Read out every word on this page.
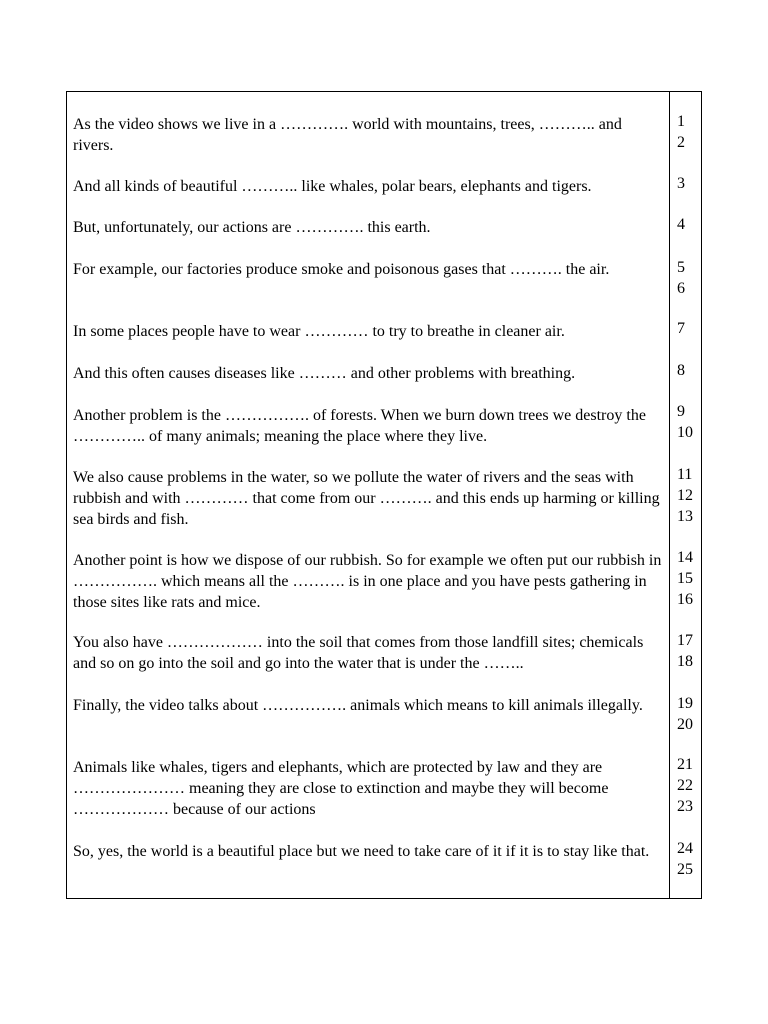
As the video shows we live in a …………. world with mountains, trees, ……….. and rivers.

And all kinds of beautiful ……….. like whales, polar bears, elephants and tigers.

But, unfortunately, our actions are …………. this earth.

For example, our factories produce smoke and poisonous gases that ………. the air.

In some places people have to wear ………… to try to breathe in cleaner air.

And this often causes diseases like ……… and other problems with breathing.

Another problem is the ……………. of forests. When we burn down trees we destroy the ………….. of many animals; meaning the place where they live.

We also cause problems in the water, so we pollute the water of rivers and the seas with rubbish and with ………… that come from our ………. and this ends up harming or killing sea birds and fish.

Another point is how we dispose of our rubbish. So for example we often put our rubbish in ……………. which means all the ………. is in one place and you have pests gathering in those sites like rats and mice.

You also have ……………… into the soil that comes from those landfill sites; chemicals and so on go into the soil and go into the water that is under the ……..

Finally, the video talks about ……………. animals which means to kill animals illegally.

Animals like whales, tigers and elephants, which are protected by law and they are ………………… meaning they are close to extinction and maybe they will become ……………… because of our actions

So, yes, the world is a beautiful place but we need to take care of it if it is to stay like that.

1
2
3
4
5
6
7
8
9
10
11
12
13
14
15
16
17
18
19
20
21
22
23
24
25
